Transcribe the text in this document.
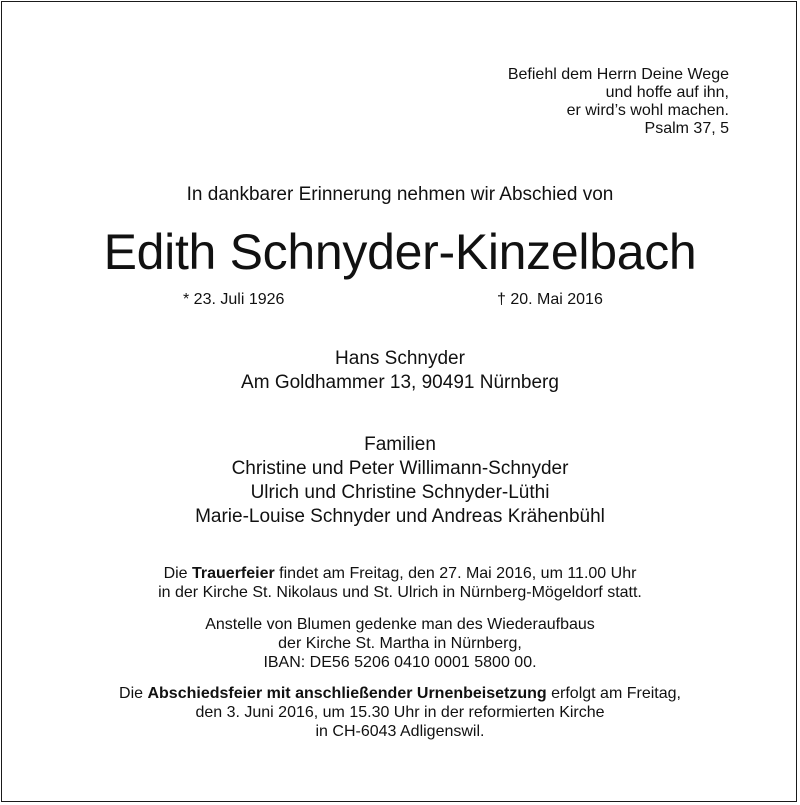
Befiehl dem Herrn Deine Wege
und hoffe auf ihn,
er wird’s wohl machen.
Psalm 37, 5
In dankbarer Erinnerung nehmen wir Abschied von
Edith Schnyder-Kinzelbach
* 23. Juli 1926	† 20. Mai 2016
Hans Schnyder
Am Goldhammer 13, 90491 Nürnberg
Familien
Christine und Peter Willimann-Schnyder
Ulrich und Christine Schnyder-Lüthi
Marie-Louise Schnyder und Andreas Krähenbühl
Die Trauerfeier findet am Freitag, den 27. Mai 2016, um 11.00 Uhr
in der Kirche St. Nikolaus und St. Ulrich in Nürnberg-Mögeldorf statt.
Anstelle von Blumen gedenke man des Wiederaufbaus
der Kirche St. Martha in Nürnberg,
IBAN: DE56 5206 0410 0001 5800 00.
Die Abschiedsfeier mit anschließender Urnenbeisetzung erfolgt am Freitag,
den 3. Juni 2016, um 15.30 Uhr in der reformierten Kirche
in CH-6043 Adligenswil.
